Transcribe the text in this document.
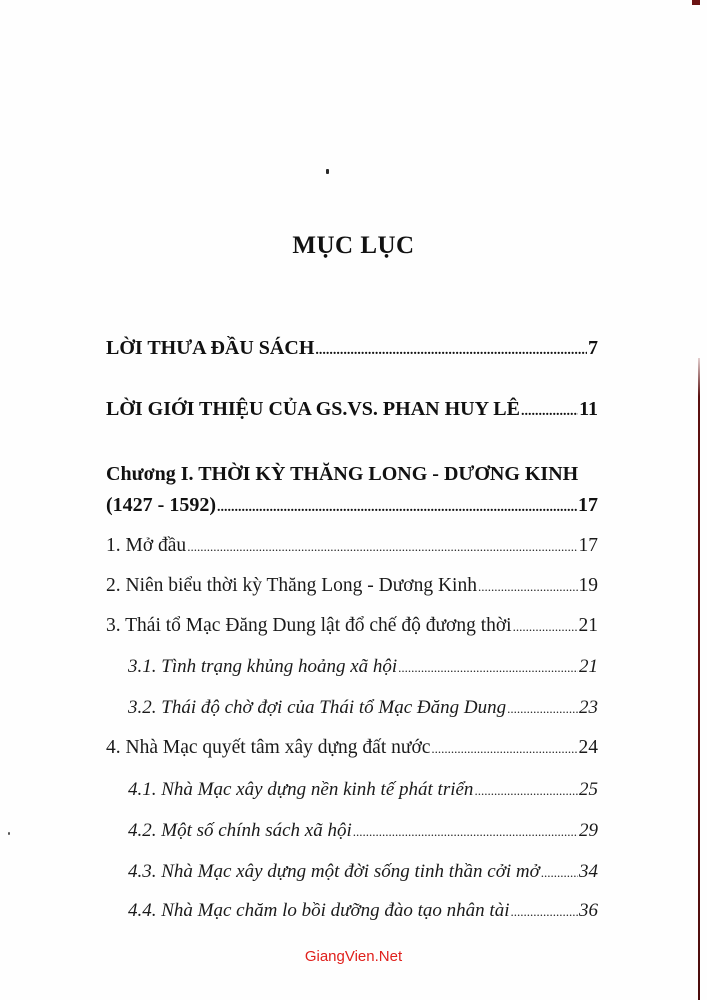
MỤC LỤC
LỜI THƯA ĐẦU SÁCH .....	7
LỜI GIỚI THIỆU CỦA GS.VS. PHAN HUY LÊ .....	11
Chương I. THỜI KỲ THĂNG LONG - DƯƠNG KINH
(1427 - 1592) .....	17
1. Mở đầu .....	17
2. Niên biểu thời kỳ Thăng Long - Dương Kinh .....	19
3. Thái tổ Mạc Đăng Dung lật đổ chế độ đương thời .....	21
3.1. Tình trạng khủng hoảng xã hội .....	21
3.2. Thái độ chờ đợi của Thái tổ Mạc Đăng Dung .....	23
4. Nhà Mạc quyết tâm xây dựng đất nước .....	24
4.1. Nhà Mạc xây dựng nền kinh tế phát triển .....	25
4.2. Một số chính sách xã hội .....	29
4.3. Nhà Mạc xây dựng một đời sống tinh thần cởi mở ..... 34
4.4. Nhà Mạc chăm lo bồi dưỡng đào tạo nhân tài .....	36
GiangVien.Net
